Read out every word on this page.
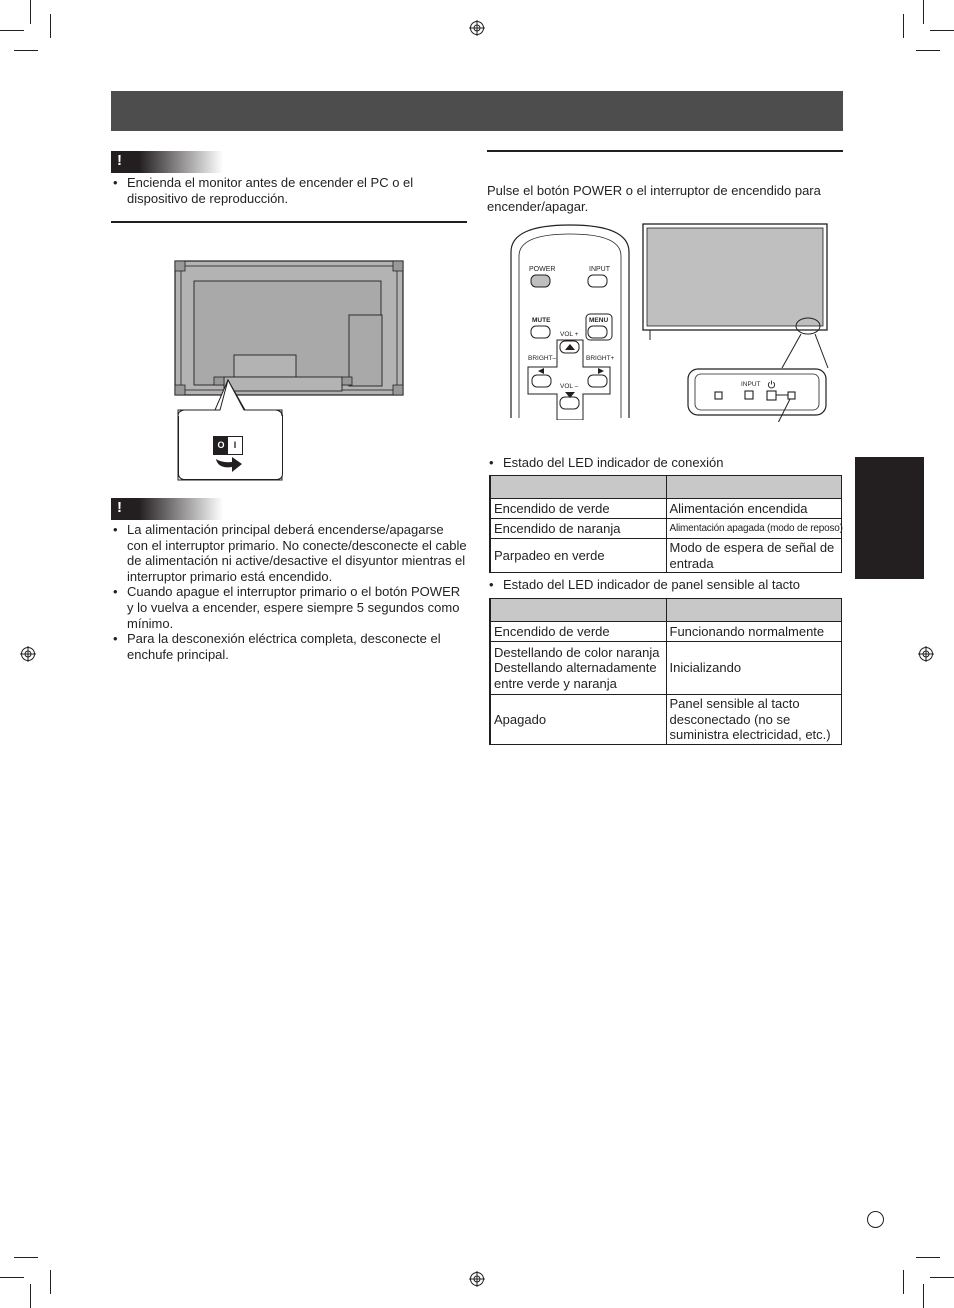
!
• Encienda el monitor antes de encender el PC o el dispositivo de reproducción.
O	I
!
• La alimentación principal deberá encenderse/apagarse con el interruptor primario. No conecte/desconecte el cable de alimentación ni active/desactive el disyuntor mientras el interruptor primario está encendido.
• Cuando apague el interruptor primario o el botón POWER y lo vuelva a encender, espere siempre 5 segundos como mínimo.
• Para la desconexión eléctrica completa, desconecte el enchufe principal.
Pulse el botón POWER o el interruptor de encendido para encender/apagar.
POWER	INPUT
MUTE	MENU
VOL +
BRIGHT–	BRIGHT+
VOL –	INPUT
• Estado del LED indicador de conexión

Encendido de verde	Alimentación encendida
Encendido de naranja	Alimentación apagada (modo de reposo)
Parpadeo en verde	Modo de espera de señal de entrada
• Estado del LED indicador de panel sensible al tacto

Encendido de verde	Funcionando normalmente
Destellando de color naranja Destellando alternadamente entre verde y naranja	Inicializando
Apagado	Panel sensible al tacto desconectado (no se suministra electricidad, etc.)
